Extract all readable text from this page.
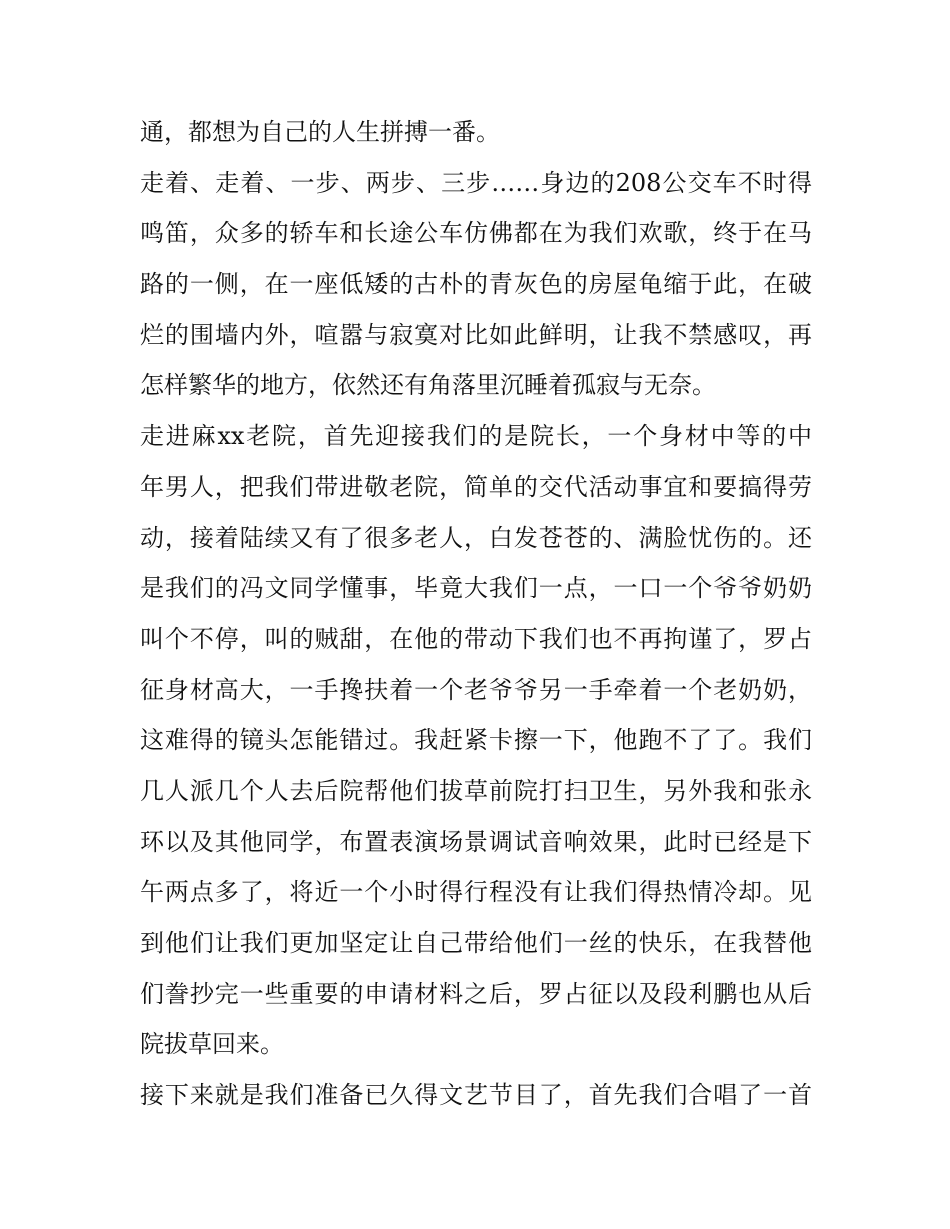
通，都想为自己的人生拼搏一番。
走着、走着、一步、两步、三步……身边的208公交车不时得
鸣笛，众多的轿车和长途公车仿佛都在为我们欢歌，终于在马
路的一侧，在一座低矮的古朴的青灰色的房屋龟缩于此，在破
烂的围墙内外，喧嚣与寂寞对比如此鲜明，让我不禁感叹，再
怎样繁华的地方，依然还有角落里沉睡着孤寂与无奈。
走进麻xx老院，首先迎接我们的是院长，一个身材中等的中
年男人，把我们带进敬老院，简单的交代活动事宜和要搞得劳
动，接着陆续又有了很多老人，白发苍苍的、满脸忧伤的。还
是我们的冯文同学懂事，毕竟大我们一点，一口一个爷爷奶奶
叫个不停，叫的贼甜，在他的带动下我们也不再拘谨了，罗占
征身材高大，一手搀扶着一个老爷爷另一手牵着一个老奶奶，
这难得的镜头怎能错过。我赶紧卡擦一下，他跑不了了。我们
几人派几个人去后院帮他们拔草前院打扫卫生，另外我和张永
环以及其他同学，布置表演场景调试音响效果，此时已经是下
午两点多了，将近一个小时得行程没有让我们得热情冷却。见
到他们让我们更加坚定让自己带给他们一丝的快乐，在我替他
们誊抄完一些重要的申请材料之后，罗占征以及段利鹏也从后
院拔草回来。
接下来就是我们准备已久得文艺节目了，首先我们合唱了一首
